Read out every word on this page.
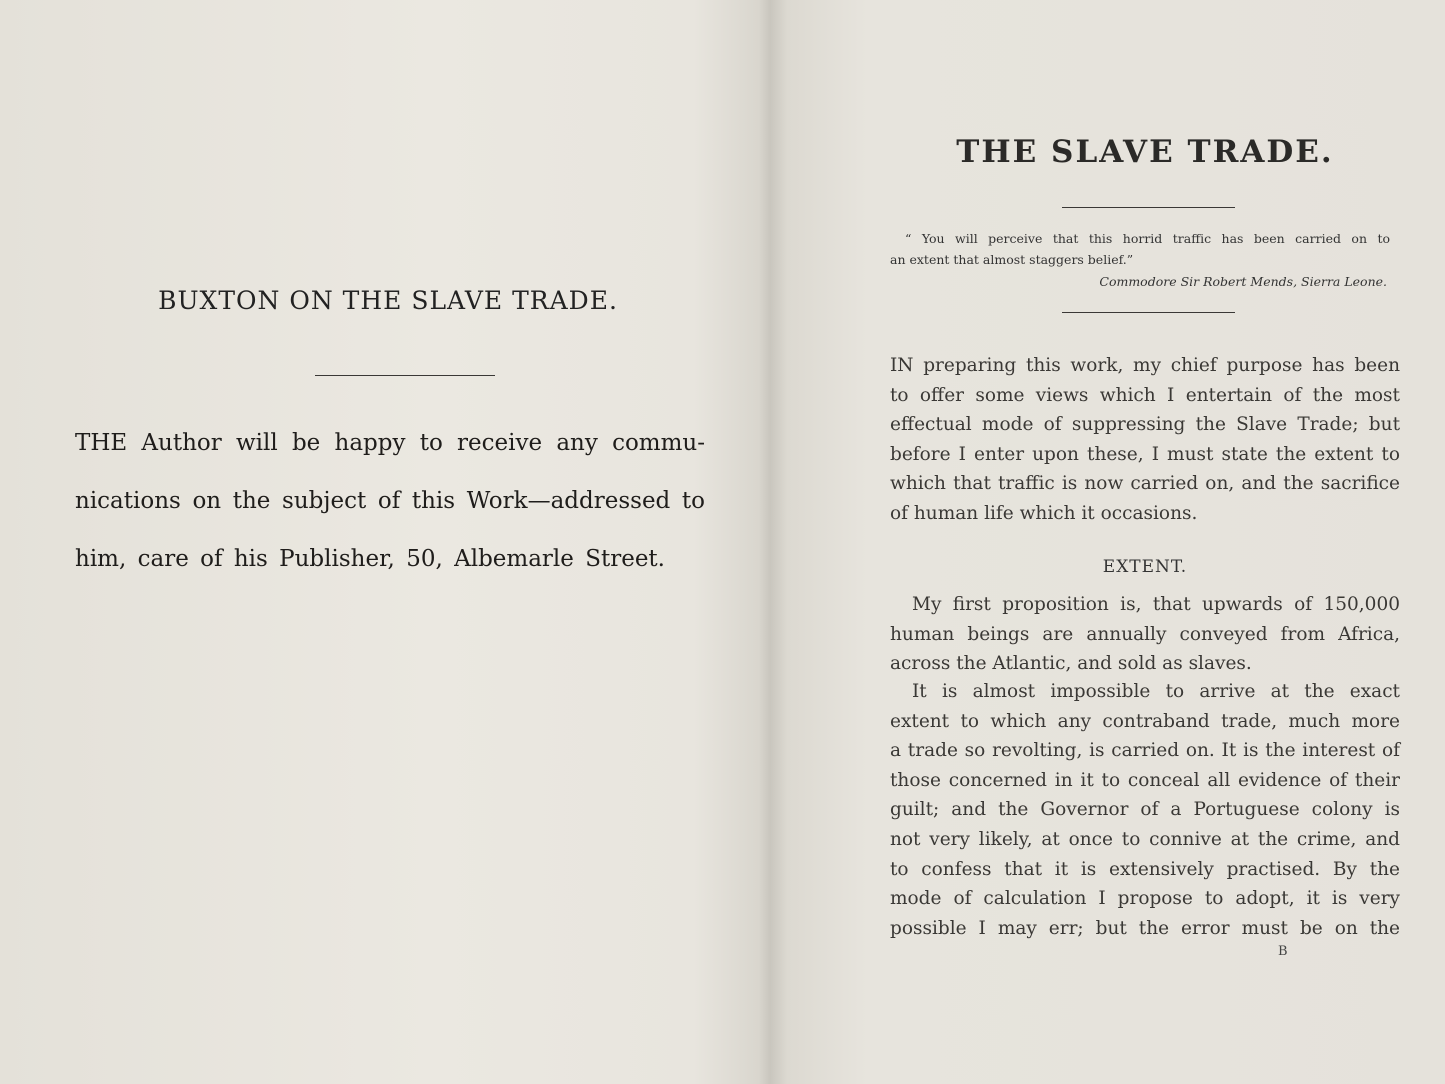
BUXTON ON THE SLAVE TRADE.
THE Author will be happy to receive any commu-
nications on the subject of this Work—addressed to
him, care of his Publisher, 50, Albemarle Street.
THE SLAVE TRADE.
“ You will perceive that this horrid traffic has been carried on to
an extent that almost staggers belief.”
Commodore Sir Robert Mends, Sierra Leone.
IN preparing this work, my chief purpose has been
to offer some views which I entertain of the most
effectual mode of suppressing the Slave Trade; but
before I enter upon these, I must state the extent to
which that traffic is now carried on, and the sacrifice
of human life which it occasions.
My first proposition is, that upwards of 150,000
human beings are annually conveyed from Africa,
across the Atlantic, and sold as slaves.
It is almost impossible to arrive at the exact
extent to which any contraband trade, much more
a trade so revolting, is carried on. It is the interest of
those concerned in it to conceal all evidence of their
guilt; and the Governor of a Portuguese colony is
not very likely, at once to connive at the crime, and
to confess that it is extensively practised. By the
mode of calculation I propose to adopt, it is very
possible I may err; but the error must be on the
EXTENT.
B
